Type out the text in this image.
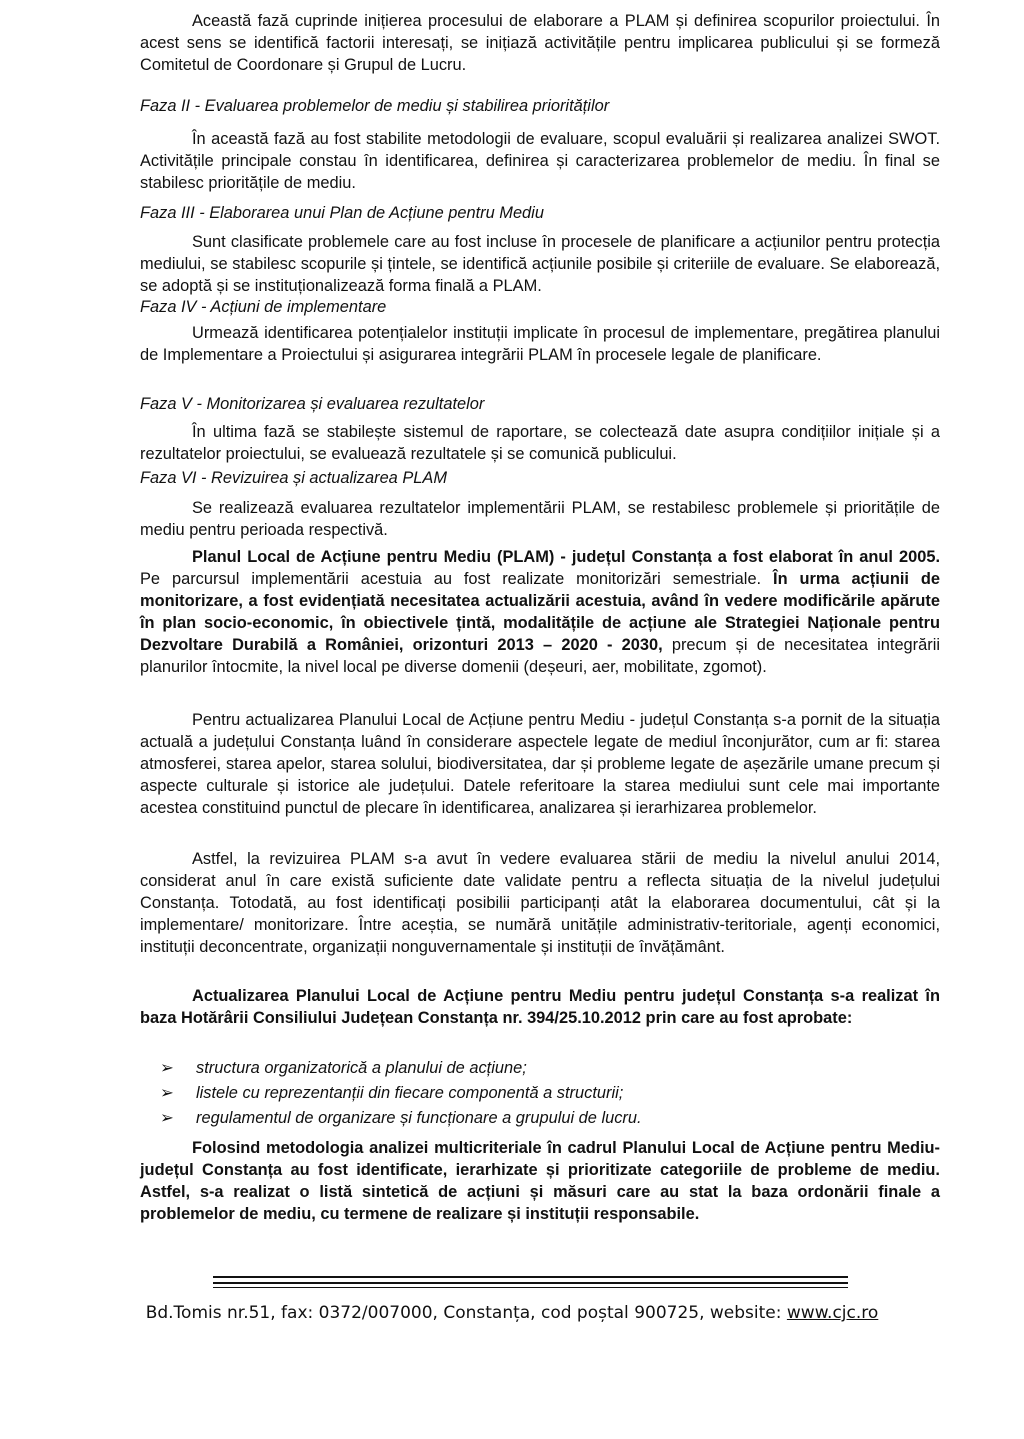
Această fază cuprinde inițierea procesului de elaborare a PLAM și definirea scopurilor proiectului. În acest sens se identifică factorii interesați, se inițiază activitățile pentru implicarea publicului și se formeză Comitetul de Coordonare și Grupul de Lucru.

Faza II - Evaluarea problemelor de mediu și stabilirea priorităților

În această fază au fost stabilite metodologii de evaluare, scopul evaluării și realizarea analizei SWOT. Activitățile principale constau în identificarea, definirea și caracterizarea problemelor de mediu. În final se stabilesc prioritățile de mediu.

Faza III - Elaborarea unui Plan de Acțiune pentru Mediu

Sunt clasificate problemele care au fost incluse în procesele de planificare a acțiunilor pentru protecția mediului, se stabilesc scopurile și țintele, se identifică acțiunile posibile și criteriile de evaluare. Se elaborează, se adoptă și se instituționalizează forma finală a PLAM.

Faza IV - Acțiuni de implementare

Urmează identificarea potențialelor instituții implicate în procesul de implementare, pregătirea planului de Implementare a Proiectului și asigurarea integrării PLAM în procesele legale de planificare.

Faza V - Monitorizarea și evaluarea rezultatelor

În ultima fază se stabilește sistemul de raportare, se colectează date asupra condițiilor inițiale și a rezultatelor proiectului, se evaluează rezultatele și se comunică publicului.

Faza VI - Revizuirea și actualizarea PLAM

Se realizează evaluarea rezultatelor implementării PLAM, se restabilesc problemele și prioritățile de mediu pentru perioada respectivă.

Planul Local de Acțiune pentru Mediu (PLAM) - județul Constanța a fost elaborat în anul 2005. Pe parcursul implementării acestuia au fost realizate monitorizări semestriale. În urma acțiunii de monitorizare, a fost evidențiată necesitatea actualizării acestuia, având în vedere modificările apărute în plan socio-economic, în obiectivele țintă, modalitățile de acțiune ale Strategiei Naționale pentru Dezvoltare Durabilă a României, orizonturi 2013 – 2020 - 2030, precum și de necesitatea integrării planurilor întocmite, la nivel local pe diverse domenii (deșeuri, aer, mobilitate, zgomot).

Pentru actualizarea Planului Local de Acțiune pentru Mediu - județul Constanța s-a pornit de la situația actuală a județului Constanța luând în considerare aspectele legate de mediul înconjurător, cum ar fi: starea atmosferei, starea apelor, starea solului, biodiversitatea, dar și probleme legate de așezările umane precum și aspecte culturale și istorice ale județului. Datele referitoare la starea mediului sunt cele mai importante acestea constituind punctul de plecare în identificarea, analizarea și ierarhizarea problemelor.

Astfel, la revizuirea PLAM s-a avut în vedere evaluarea stării de mediu la nivelul anului 2014, considerat anul în care există suficiente date validate pentru a reflecta situația de la nivelul județului Constanța. Totodată, au fost identificați posibilii participanți atât la elaborarea documentului, cât și la implementare/ monitorizare. Între aceștia, se numără unitățile administrativ-teritoriale, agenți economici, instituții deconcentrate, organizații nonguvernamentale și instituții de învățământ.

Actualizarea Planului Local de Acțiune pentru Mediu pentru județul Constanța s-a realizat în baza Hotărârii Consiliului Județean Constanța nr. 394/25.10.2012 prin care au fost aprobate:

➢ structura organizatorică a planului de acțiune;
➢ listele cu reprezentanții din fiecare componentă a structurii;
➢ regulamentul de organizare și funcționare a grupului de lucru.

Folosind metodologia analizei multicriteriale în cadrul Planului Local de Acțiune pentru Mediu- județul Constanța au fost identificate, ierarhizate și prioritizate categoriile de probleme de mediu. Astfel, s-a realizat o listă sintetică de acțiuni și măsuri care au stat la baza ordonării finale a problemelor de mediu, cu termene de realizare și instituții responsabile.

Bd.Tomis nr.51, fax: 0372/007000, Constanța, cod poștal 900725, website: www.cjc.ro
